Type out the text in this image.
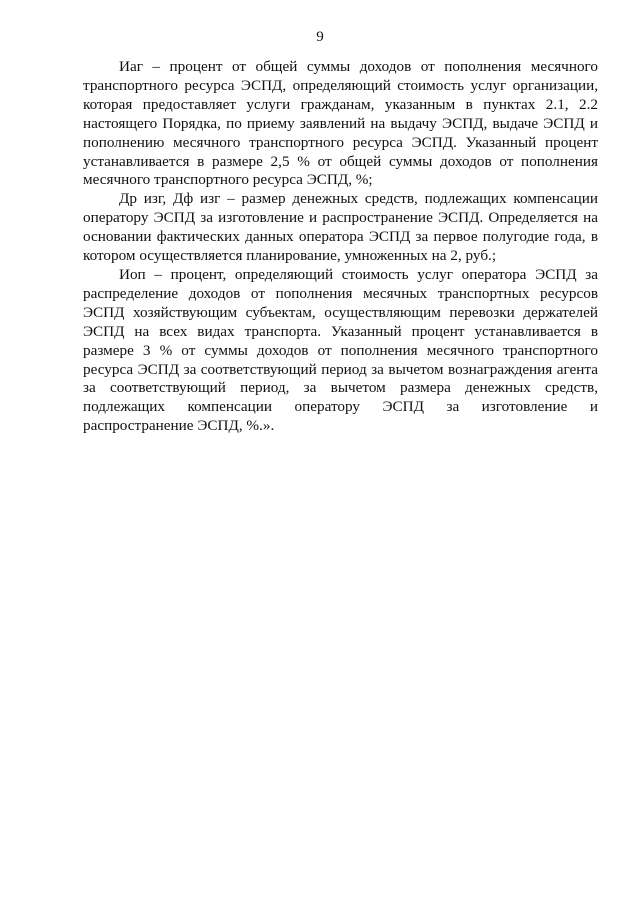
9

Иаг – процент от общей суммы доходов от пополнения месячного транспортного ресурса ЭСПД, определяющий стоимость услуг организации, которая предоставляет услуги гражданам, указанным в пунктах 2.1, 2.2 настоящего Порядка, по приему заявлений на выдачу ЭСПД, выдаче ЭСПД и пополнению месячного транспортного ресурса ЭСПД. Указанный процент устанавливается в размере 2,5 % от общей суммы доходов от пополнения месячного транспортного ресурса ЭСПД, %;

Др изг, Дф изг – размер денежных средств, подлежащих компенсации оператору ЭСПД за изготовление и распространение ЭСПД. Определяется на основании фактических данных оператора ЭСПД за первое полугодие года, в котором осуществляется планирование, умноженных на 2, руб.;

Иоп – процент, определяющий стоимость услуг оператора ЭСПД за распределение доходов от пополнения месячных транспортных ресурсов ЭСПД хозяйствующим субъектам, осуществляющим перевозки держателей ЭСПД на всех видах транспорта. Указанный процент устанавливается в размере 3 % от суммы доходов от пополнения месячного транспортного ресурса ЭСПД за соответствующий период за вычетом вознаграждения агента за соответствующий период, за вычетом размера денежных средств, подлежащих компенсации оператору ЭСПД за изготовление и распространение ЭСПД, %.».
